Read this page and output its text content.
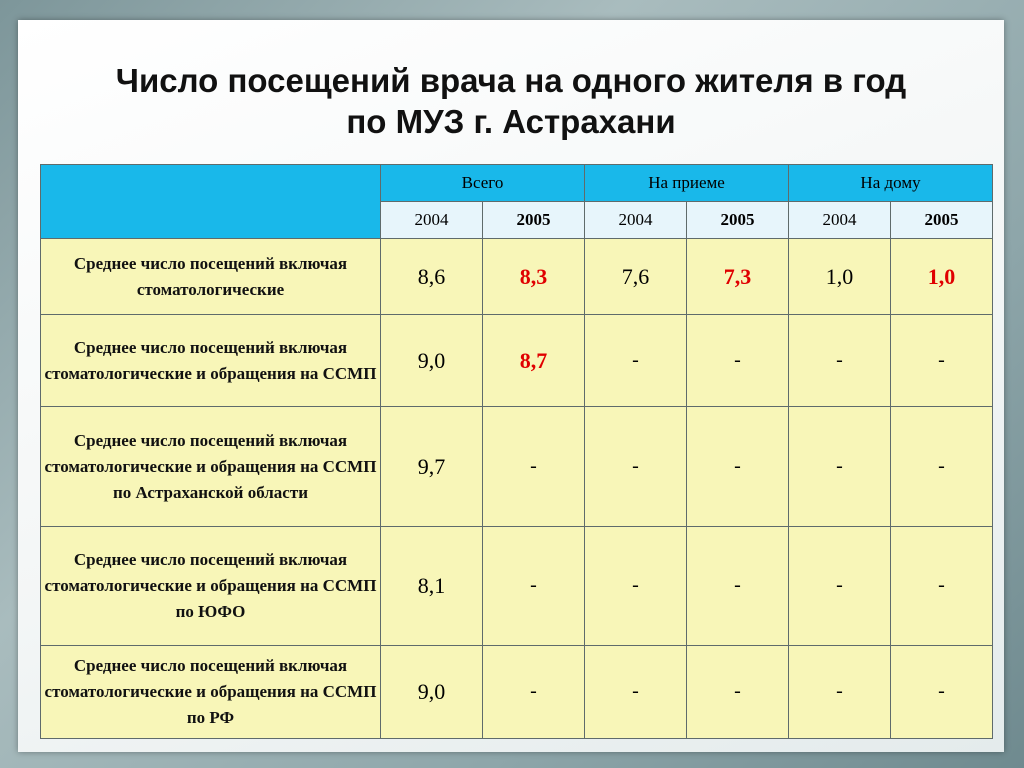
Число посещений врача на одного жителя в год
по МУЗ г. Астрахани
	Всего		На приеме		На дому	
	2004	2005	2004	2005	2004	2005
Среднее число посещений включая стоматологические	8,6	8,3	7,6	7,3	1,0	1,0
Среднее число посещений включая стоматологические и обращения на ССМП	9,0	8,7	-	-	-	-
Среднее число посещений включая стоматологические и обращения на ССМП по Астраханской области	9,7	-	-	-	-	-
Среднее число посещений включая стоматологические и обращения на ССМП по ЮФО	8,1	-	-	-	-	-
Среднее число посещений включая стоматологические и обращения на ССМП по РФ	9,0	-	-	-	-	-
